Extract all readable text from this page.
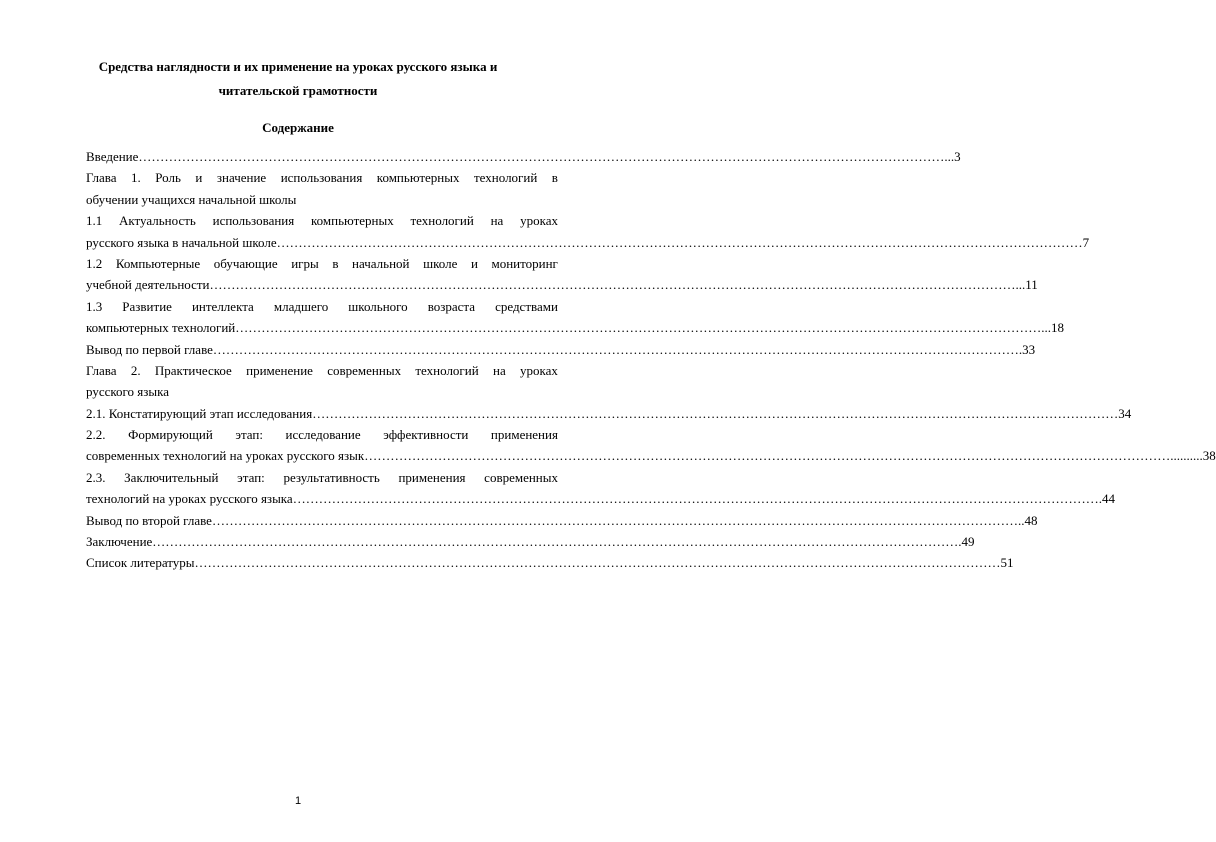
Средства наглядности и их применение на уроках русского языка и
читательской грамотности
Содержание
Введение …………………………………………………………………………………………………………………………………………………………………… ...3
Глава 1. Роль и значение использования компьютерных технологий в
обучении учащихся начальной школы
1.1 Актуальность использования компьютерных технологий на уроках
русского языка в начальной школе …………………………………………………………………………………………………………………………………………………………………… 7
1.2 Компьютерные обучающие игры в начальной школе и мониторинг
учебной деятельности …………………………………………………………………………………………………………………………………………………………………… ...11
1.3 Развитие интеллекта младшего школьного возраста средствами
компьютерных технологий …………………………………………………………………………………………………………………………………………………………………… ...18
Вывод по первой главе …………………………………………………………………………………………………………………………………………………………………… .33
Глава 2. Практическое применение современных технологий на уроках
русского языка
2.1. Констатирующий этап исследования …………………………………………………………………………………………………………………………………………………………………… 34
2.2. Формирующий этап: исследование эффективности применения
современных технологий на уроках русского язык …………………………………………………………………………………………………………………………………………………………………… ..........38
2.3. Заключительный этап: результативность применения современных
технологий на уроках русского языка …………………………………………………………………………………………………………………………………………………………………… .44
Вывод по второй главе …………………………………………………………………………………………………………………………………………………………………… ..48
Заключение …………………………………………………………………………………………………………………………………………………………………… .49
Список литературы …………………………………………………………………………………………………………………………………………………………………… 51
1
